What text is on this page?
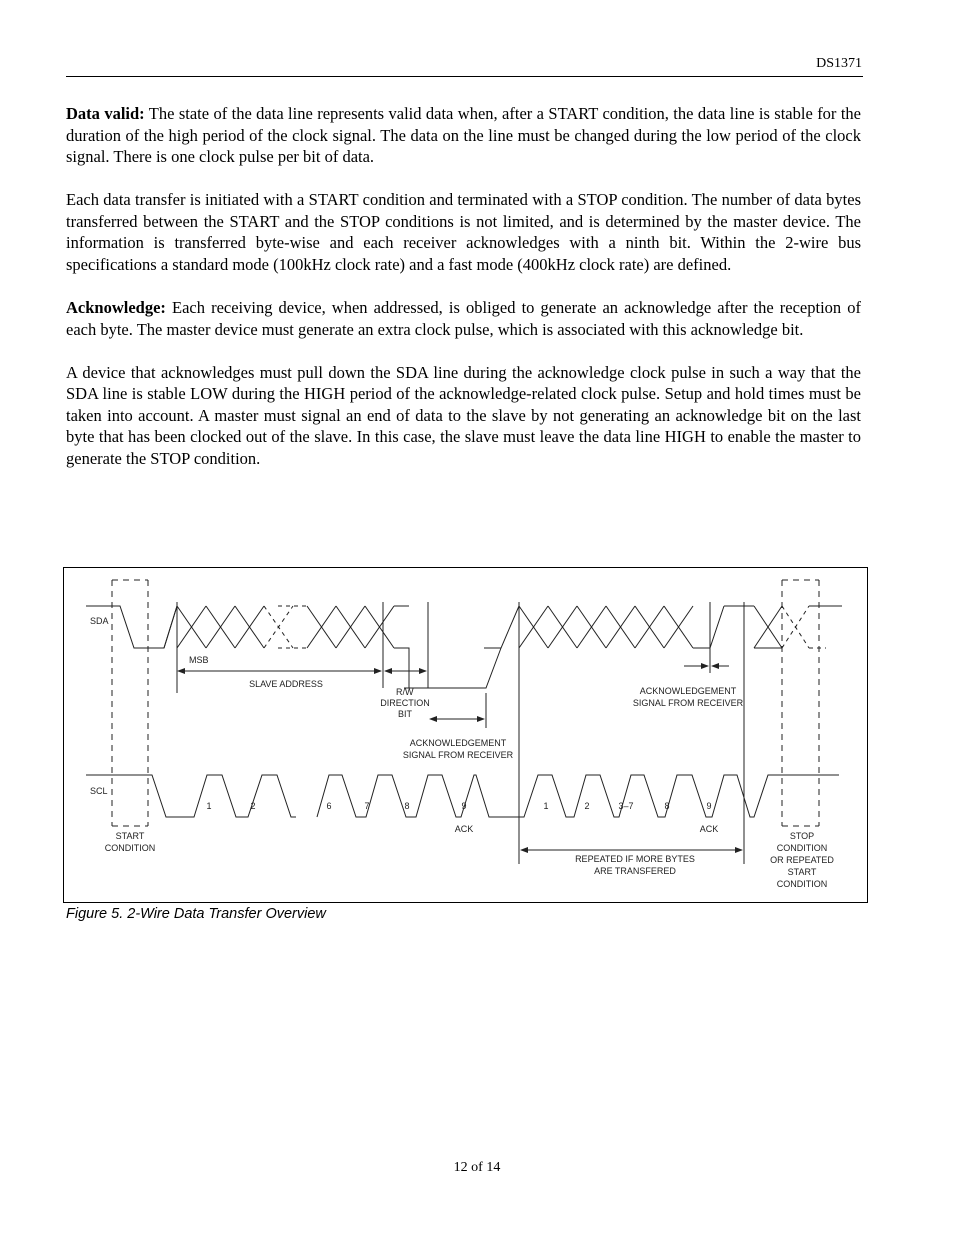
DS1371

Data valid: The state of the data line represents valid data when, after a START condition, the data line is stable for the duration of the high period of the clock signal. The data on the line must be changed during the low period of the clock signal. There is one clock pulse per bit of data.

Each data transfer is initiated with a START condition and terminated with a STOP condition. The number of data bytes transferred between the START and the STOP conditions is not limited, and is determined by the master device. The information is transferred byte-wise and each receiver acknowledges with a ninth bit. Within the 2-wire bus specifications a standard mode (100kHz clock rate) and a fast mode (400kHz clock rate) are defined.

Acknowledge: Each receiving device, when addressed, is obliged to generate an acknowledge after the reception of each byte. The master device must generate an extra clock pulse, which is associated with this acknowledge bit.

A device that acknowledges must pull down the SDA line during the acknowledge clock pulse in such a way that the SDA line is stable LOW during the HIGH period of the acknowledge-related clock pulse. Setup and hold times must be taken into account. A master must signal an end of data to the slave by not generating an acknowledge bit on the last byte that has been clocked out of the slave. In this case, the slave must leave the data line HIGH to enable the master to generate the STOP condition.

SDA
SCL
MSB
SLAVE ADDRESS
R/ W
DIRECTION
BIT
ACKNOWLEDGEMENT
SIGNAL FROM RECEIVER
ACKNOWLEDGEMENT
SIGNAL FROM RECEIVER
START
CONDITION
STOP
CONDITION
OR REPEATED
START
CONDITION
ACK	ACK
REPEATED IF MORE BYTES
ARE TRANSFERED
1	2	6	7	8	9	1	2	3–7	8	9
Figure 5. 2-Wire Data Transfer Overview
12 of 14
